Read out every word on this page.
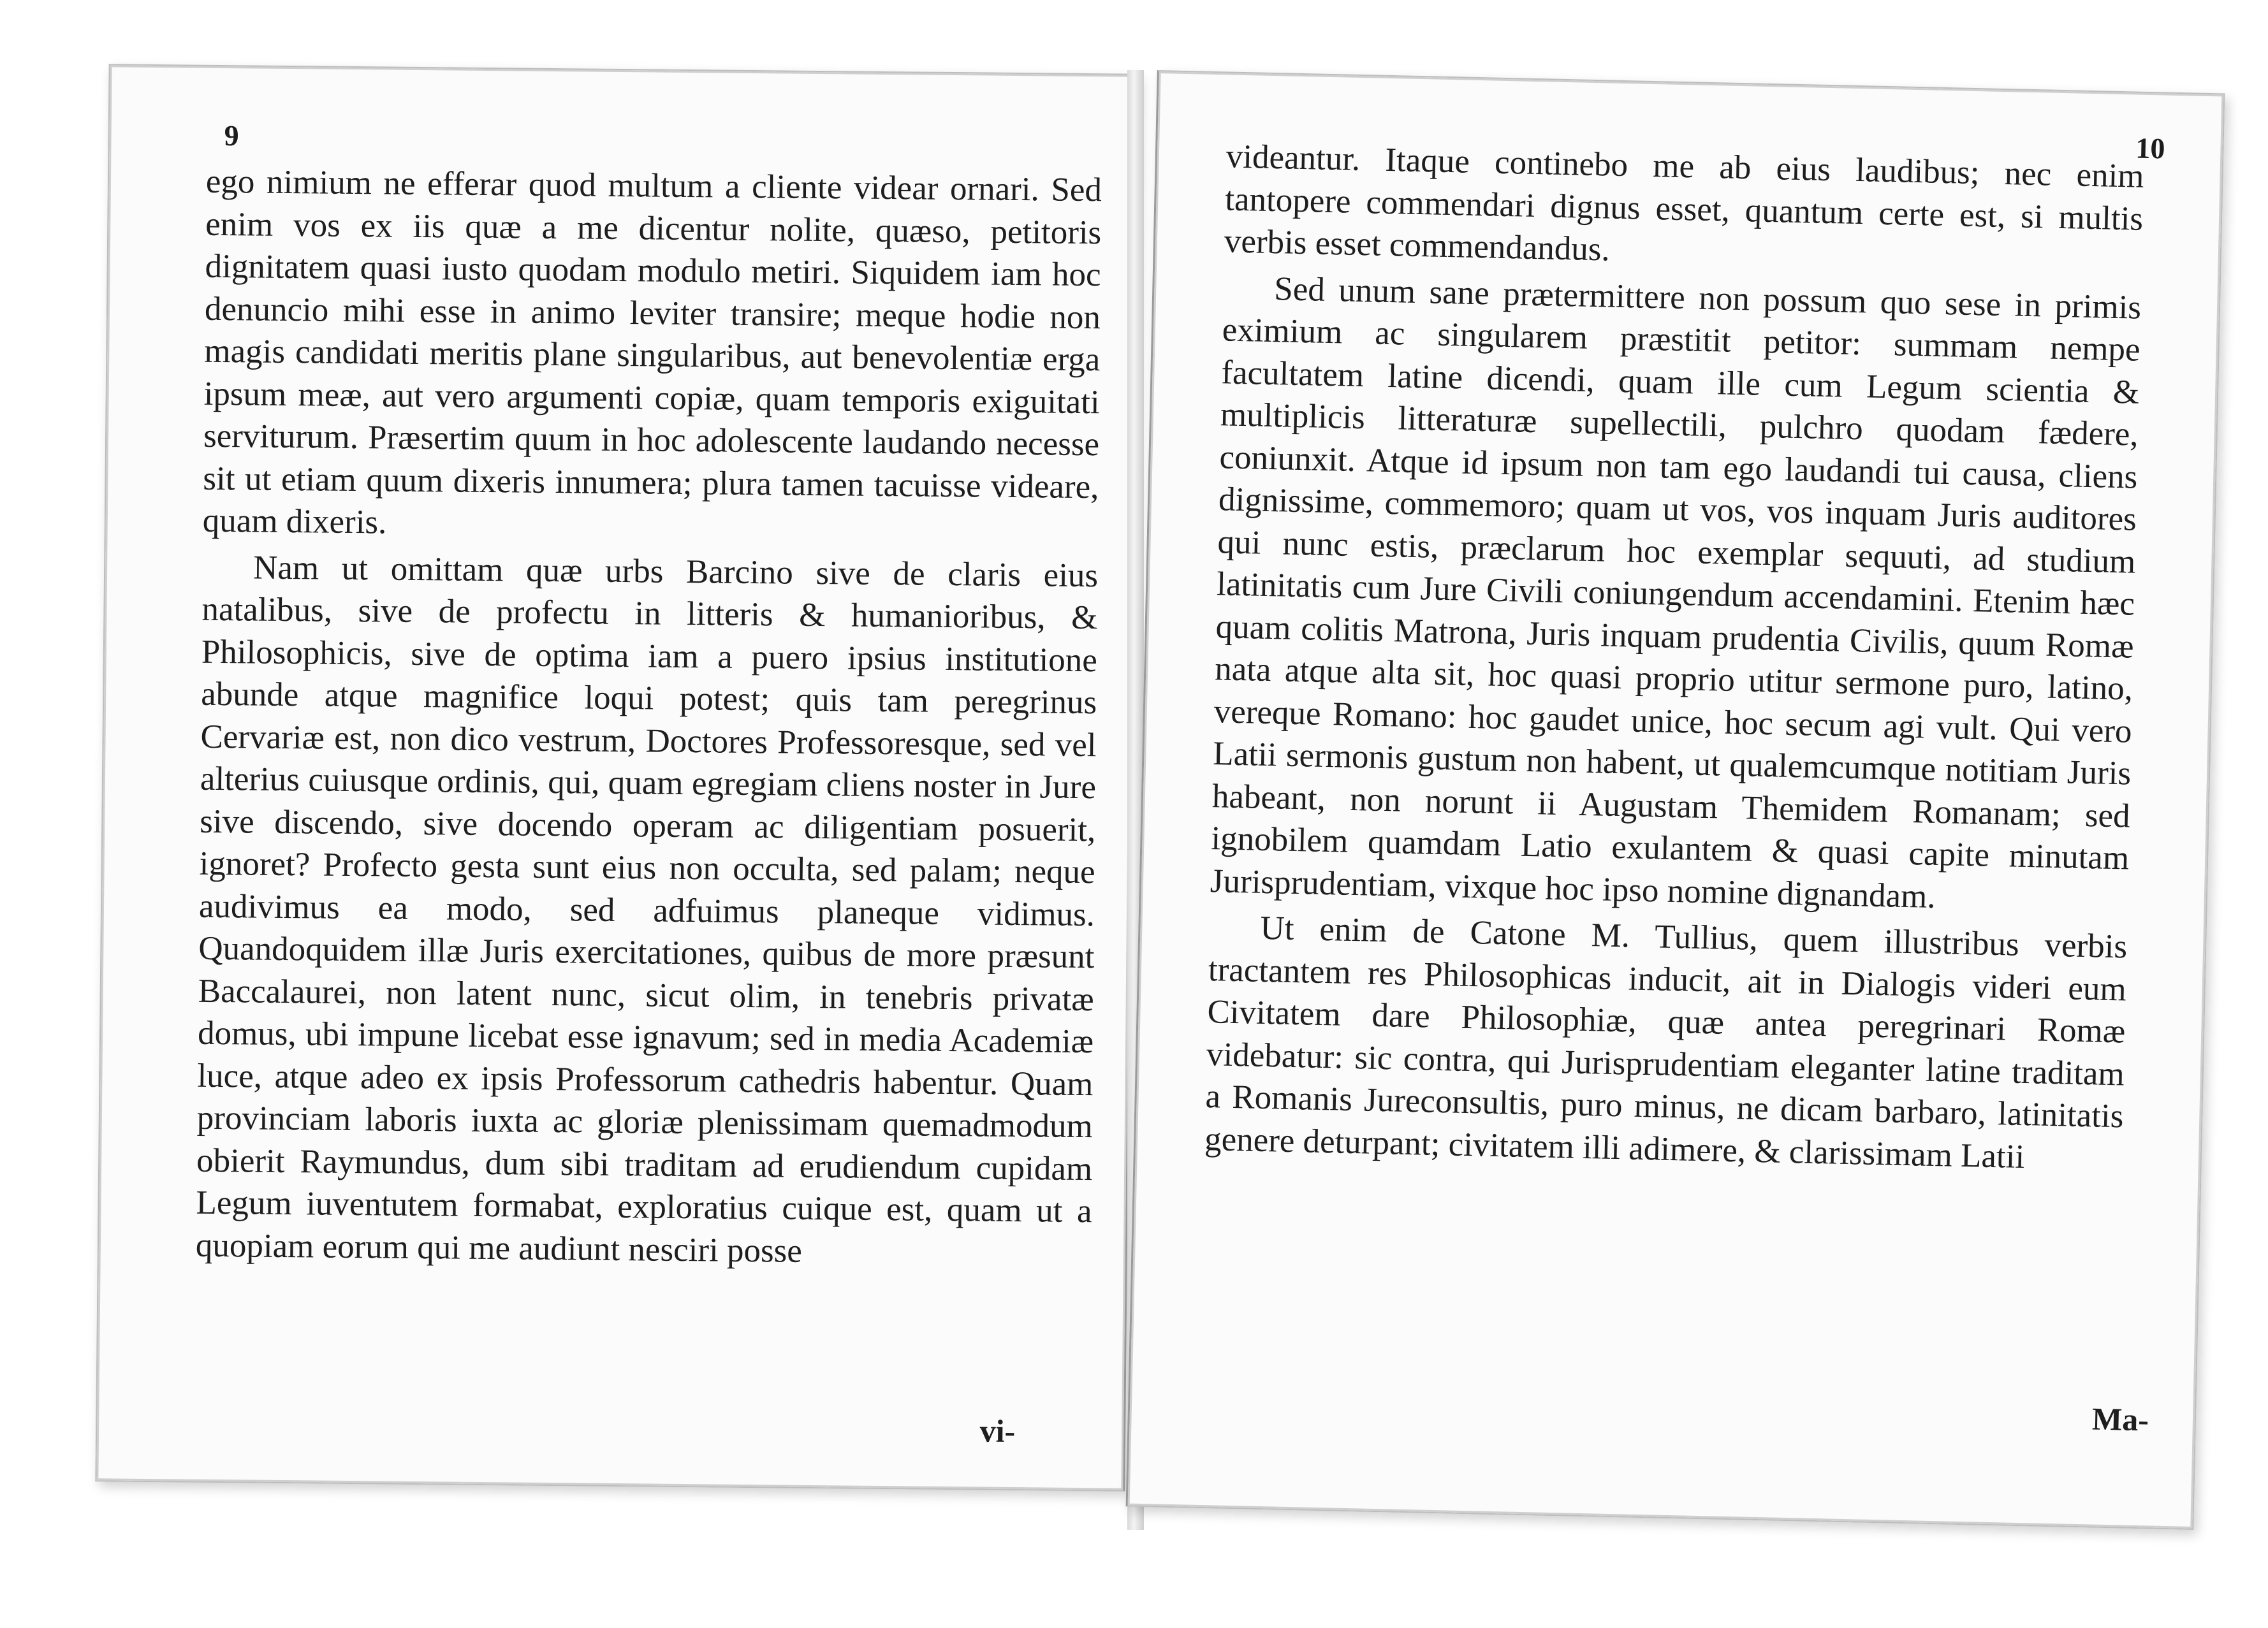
9

ego nimium ne efferar quod multum a cliente videar ornari. Sed enim vos ex iis quæ a me dicentur nolite, quæso, petitoris dignitatem quasi iusto quodam modulo metiri. Siquidem iam hoc denuncio mihi esse in animo leviter transire; meque hodie non magis candidati meritis plane singularibus, aut benevolentiæ erga ipsum meæ, aut vero argumenti copiæ, quam temporis exiguitati serviturum. Præsertim quum in hoc adolescente laudando necesse sit ut etiam quum dixeris innumera; plura tamen tacuisse videare, quam dixeris.

Nam ut omittam quæ urbs Barcino sive de claris eius natalibus, sive de profectu in litteris & humanioribus, & Philosophicis, sive de optima iam a puero ipsius institutione abunde atque magnifice loqui potest; quis tam peregrinus Cervariæ est, non dico vestrum, Doctores Professoresque, sed vel alterius cuiusque ordinis, qui, quam egregiam cliens noster in Jure sive discendo, sive docendo operam ac diligentiam posuerit, ignoret? Profecto gesta sunt eius non occulta, sed palam; neque audivimus ea modo, sed adfuimus planeque vidimus. Quandoquidem illæ Juris exercitationes, quibus de more præsunt Baccalaurei, non latent nunc, sicut olim, in tenebris privatæ domus, ubi impune licebat esse ignavum; sed in media Academiæ luce, atque adeo ex ipsis Professorum cathedris habentur. Quam provinciam laboris iuxta ac gloriæ plenissimam quemadmodum obierit Raymundus, dum sibi traditam ad erudiendum cupidam Legum iuventutem formabat, exploratius cuique est, quam ut a quopiam eorum qui me audiunt nesciri posse

vi-
10

videantur. Itaque continebo me ab eius laudibus; nec enim tantopere commendari dignus esset, quantum certe est, si multis verbis esset commendandus.

Sed unum sane prætermittere non possum quo sese in primis eximium ac singularem præstitit petitor: summam nempe facultatem latine dicendi, quam ille cum Legum scientia & multiplicis litteraturæ supellectili, pulchro quodam fædere, coniunxit. Atque id ipsum non tam ego laudandi tui causa, cliens dignissime, commemoro; quam ut vos, vos inquam Juris auditores qui nunc estis, præclarum hoc exemplar sequuti, ad studium latinitatis cum Jure Civili coniungendum accendamini. Etenim hæc quam colitis Matrona, Juris inquam prudentia Civilis, quum Romæ nata atque alta sit, hoc quasi proprio utitur sermone puro, latino, vereque Romano: hoc gaudet unice, hoc secum agi vult. Qui vero Latii sermonis gustum non habent, ut qualemcumque notitiam Juris habeant, non norunt ii Augustam Themidem Romanam; sed ignobilem quamdam Latio exulantem & quasi capite minutam Jurisprudentiam, vixque hoc ipso nomine dignandam.

Ut enim de Catone M. Tullius, quem illustribus verbis tractantem res Philosophicas inducit, ait in Dialogis videri eum Civitatem dare Philosophiæ, quæ antea peregrinari Romæ videbatur: sic contra, qui Jurisprudentiam eleganter latine traditam a Romanis Jureconsultis, puro minus, ne dicam barbaro, latinitatis genere deturpant; civitatem illi adimere, & clarissimam Latii

Ma-
